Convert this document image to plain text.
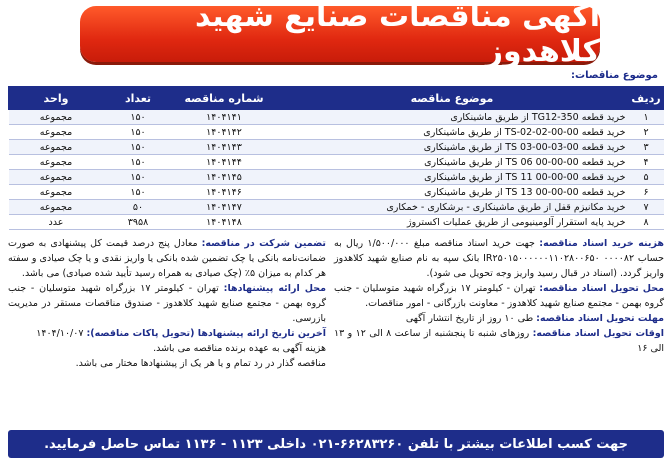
آگهی مناقصات صنایع شهید کلاهدوز
موضوع مناقصات:
ردیف	موضوع مناقصه	شماره مناقصه	تعداد	واحد
۱	خرید قطعه TG12-350 از طریق ماشینکاری	۱۴۰۴۱۴۱	۱۵۰	مجموعه
۲	خرید قطعه TS-02-02-00-00 از طریق ماشینکاری	۱۴۰۴۱۴۲	۱۵۰	مجموعه
۳	خرید قطعه TS 03-00-03-00 از طریق ماشینکاری	۱۴۰۴۱۴۳	۱۵۰	مجموعه
۴	خرید قطعه TS 06 00-00-00 از طریق ماشینکاری	۱۴۰۴۱۴۴	۱۵۰	مجموعه
۵	خرید قطعه TS 11 00-00-00 از طریق ماشینکاری	۱۴۰۴۱۴۵	۱۵۰	مجموعه
۶	خرید قطعه TS 13 00-00-00 از طریق ماشینکاری	۱۴۰۴۱۴۶	۱۵۰	مجموعه
۷	خرید مکانیزم قفل از طریق ماشینکاری - برشکاری - خمکاری	۱۴۰۴۱۴۷	۵۰	مجموعه
۸	خرید پایه استقرار آلومینیومی از طریق عملیات اکستروژ	۱۴۰۴۱۴۸	۳۹۵۸	عدد
هزینه خرید اسناد مناقصه: جهت خرید اسناد مناقصه مبلغ ۱/۵۰۰/۰۰۰ ریال به حساب ۰۰۰۰۸۲ IR۲۵۰۱۵۰۰۰۰۰۰۱۱۰۲۸۰۰۶۵۰ بانک سپه به نام صنایع شهید کلاهدوز واریز گردد. (اسناد در قبال رسید واریز وجه تحویل می شود).
محل تحویل اسناد مناقصه: تهران - کیلومتر ۱۷ بزرگراه شهید متوسلیان - جنب گروه بهمن - مجتمع صنایع شهید کلاهدوز - معاونت بازرگانی - امور مناقصات.
مهلت تحویل اسناد مناقصه: طی ۱۰ روز از تاریخ انتشار آگهی
اوقات تحویل اسناد مناقصه: روزهای شنبه تا پنجشنبه از ساعت ۸ الی ۱۲ و ۱۳ الی ۱۶
تضمین شرکت در مناقصه: معادل پنج درصد قیمت کل پیشنهادی به صورت ضمانت‌نامه بانکی یا چک تضمین شده بانکی یا واریز نقدی و یا چک صیادی و سفته هر کدام به میزان ۵٪ (چک صیادی به همراه رسید تأیید شده صیادی) می باشد.
محل ارائه پیشنهادها: تهران - کیلومتر ۱۷ بزرگراه شهید متوسلیان - جنب گروه بهمن - مجتمع صنایع شهید کلاهدوز - صندوق مناقصات مستقر در مدیریت بازرسی.
آخرین تاریخ ارائه پیشنهادها (تحویل پاکات مناقصه): ۱۴۰۴/۱۰/۰۷
هزینه آگهی به عهده برنده مناقصه می باشد.
مناقصه گذار در رد تمام و یا هر یک از پیشنهادها مختار می باشد.
جهت کسب اطلاعات بیشتر با تلفن ۶۶۲۸۳۲۶۰-۰۲۱ داخلی ۱۱۲۳ - ۱۱۳۶ تماس حاصل فرمایید.
